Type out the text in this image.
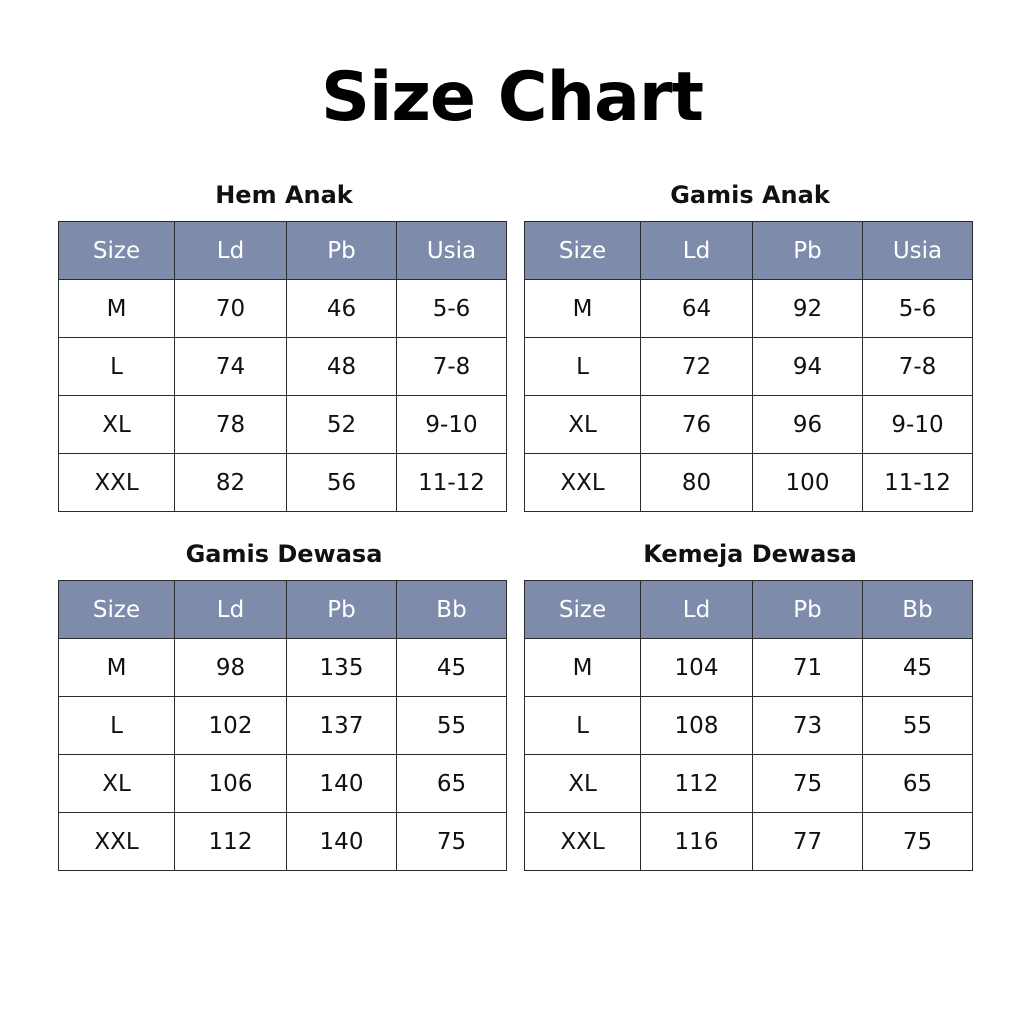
Size Chart
Hem Anak
Size	Ld	Pb	Usia
M	70	46	5-6
L	74	48	7-8
XL	78	52	9-10
XXL	82	56	11-12
Gamis Anak
Size	Ld	Pb	Usia
M	64	92	5-6
L	72	94	7-8
XL	76	96	9-10
XXL	80	100	11-12
Gamis Dewasa
Size	Ld	Pb	Bb
M	98	135	45
L	102	137	55
XL	106	140	65
XXL	112	140	75
Kemeja Dewasa
Size	Ld	Pb	Bb
M	104	71	45
L	108	73	55
XL	112	75	65
XXL	116	77	75
